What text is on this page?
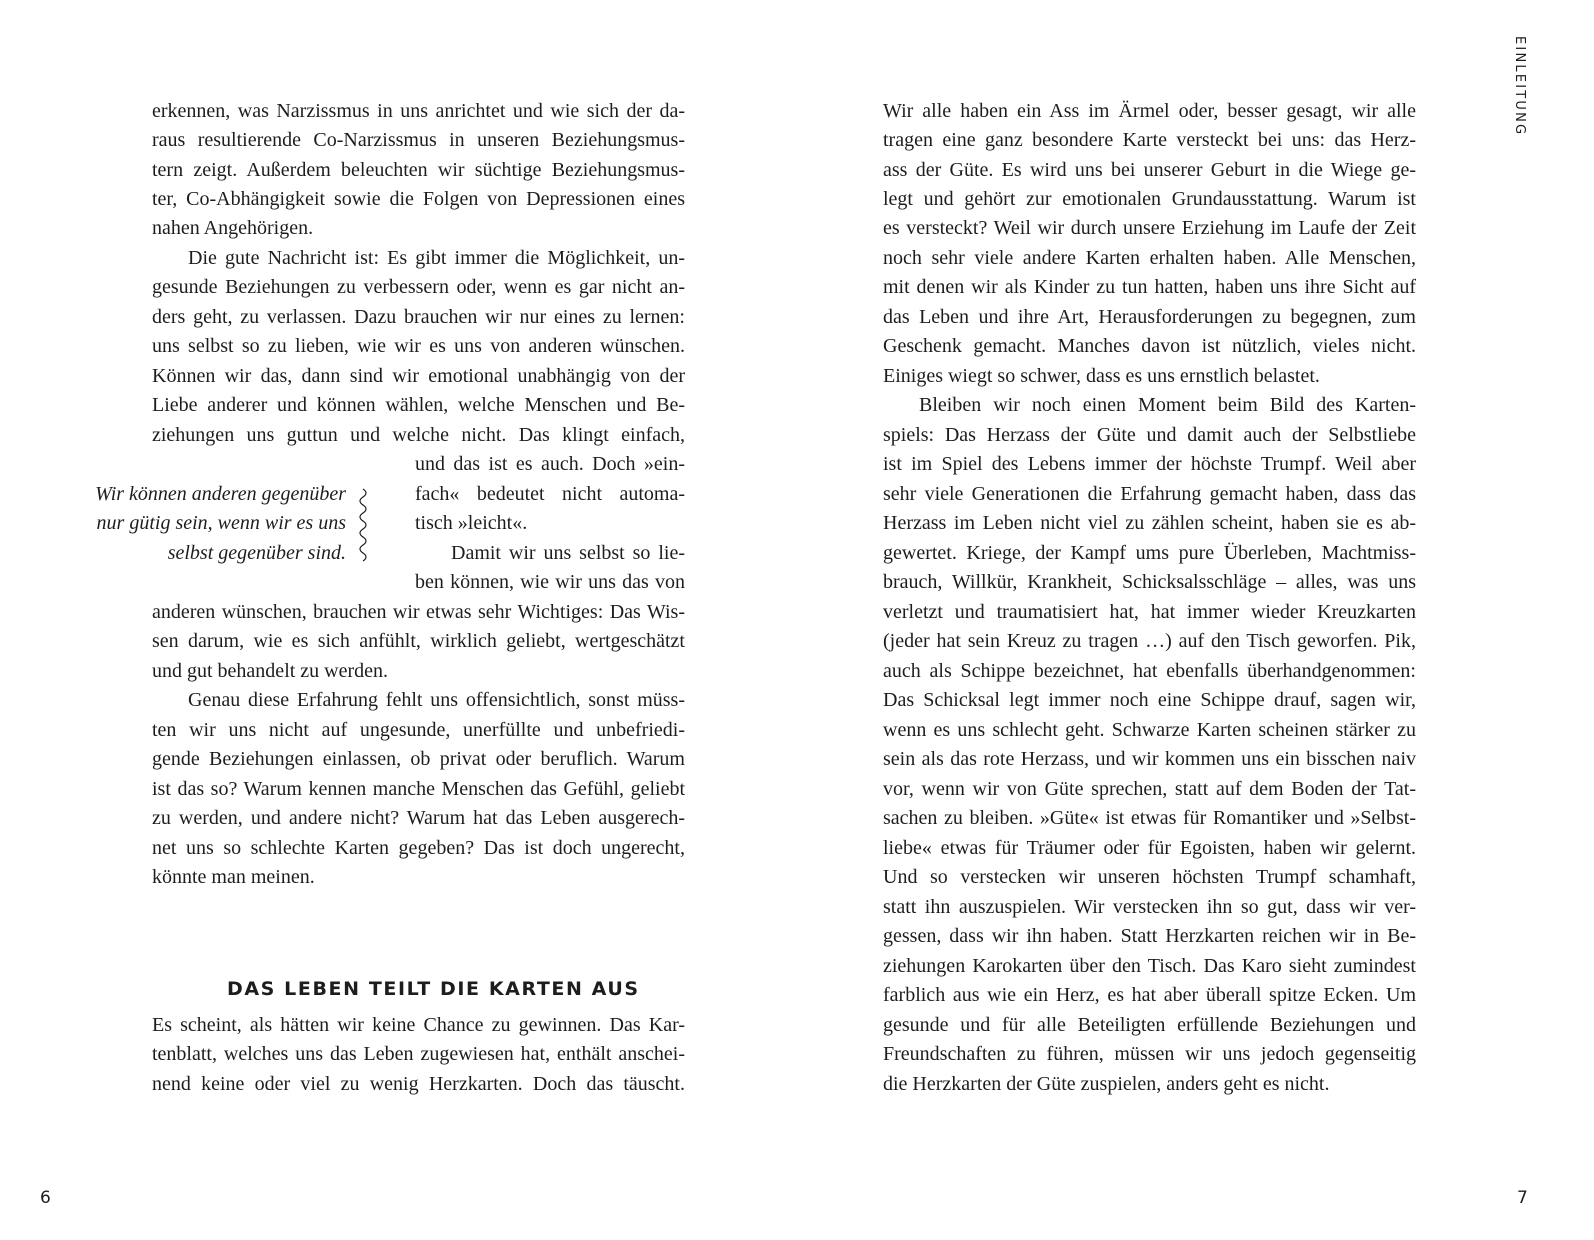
erkennen, was Narzissmus in uns anrichtet und wie sich der da-
raus resultierende Co-Narzissmus in unseren Beziehungsmus-
tern zeigt. Außerdem beleuchten wir süchtige Beziehungsmus-
ter, Co-Abhängigkeit sowie die Folgen von Depressionen eines
nahen Angehörigen.
Die gute Nachricht ist: Es gibt immer die Möglichkeit, un-
gesunde Beziehungen zu verbessern oder, wenn es gar nicht an-
ders geht, zu verlassen. Dazu brauchen wir nur eines zu lernen:
uns selbst so zu lieben, wie wir es uns von anderen wünschen.
Können wir das, dann sind wir emotional unabhängig von der
Liebe anderer und können wählen, welche Menschen und Be-
ziehungen uns guttun und welche nicht. Das klingt einfach,
und das ist es auch. Doch »ein-
fach« bedeutet nicht automa-
tisch »leicht«.
Wir können anderen gegenüber
nur gütig sein, wenn wir es uns
selbst gegenüber sind.	Damit wir uns selbst so lie-
ben können, wie wir uns das von
anderen wünschen, brauchen wir etwas sehr Wichtiges: Das Wis-
sen darum, wie es sich anfühlt, wirklich geliebt, wertgeschätzt
und gut behandelt zu werden.
Genau diese Erfahrung fehlt uns offensichtlich, sonst müss-
ten wir uns nicht auf ungesunde, unerfüllte und unbefriedi-
gende Beziehungen einlassen, ob privat oder beruflich. Warum
ist das so? Warum kennen manche Menschen das Gefühl, geliebt
zu werden, und andere nicht? Warum hat das Leben ausgerech-
net uns so schlechte Karten gegeben? Das ist doch ungerecht,
könnte man meinen.
DAS LEBEN TEILT DIE KARTEN AUS
Es scheint, als hätten wir keine Chance zu gewinnen. Das Kar-
tenblatt, welches uns das Leben zugewiesen hat, enthält anschei-
nend keine oder viel zu wenig Herzkarten. Doch das täuscht.
6
EINLEITUNG
Wir alle haben ein Ass im Ärmel oder, besser gesagt, wir alle
tragen eine ganz besondere Karte versteckt bei uns: das Herz-
ass der Güte. Es wird uns bei unserer Geburt in die Wiege ge-
legt und gehört zur emotionalen Grundausstattung. Warum ist
es versteckt? Weil wir durch unsere Erziehung im Laufe der Zeit
noch sehr viele andere Karten erhalten haben. Alle Menschen,
mit denen wir als Kinder zu tun hatten, haben uns ihre Sicht auf
das Leben und ihre Art, Herausforderungen zu begegnen, zum
Geschenk gemacht. Manches davon ist nützlich, vieles nicht.
Einiges wiegt so schwer, dass es uns ernstlich belastet.
Bleiben wir noch einen Moment beim Bild des Karten-
spiels: Das Herzass der Güte und damit auch der Selbstliebe
ist im Spiel des Lebens immer der höchste Trumpf. Weil aber
sehr viele Generationen die Erfahrung gemacht haben, dass das
Herzass im Leben nicht viel zu zählen scheint, haben sie es ab-
gewertet. Kriege, der Kampf ums pure Überleben, Machtmiss-
brauch, Willkür, Krankheit, Schicksalsschläge – alles, was uns
verletzt und traumatisiert hat, hat immer wieder Kreuzkarten
(jeder hat sein Kreuz zu tragen …) auf den Tisch geworfen. Pik,
auch als Schippe bezeichnet, hat ebenfalls überhandgenommen:
Das Schicksal legt immer noch eine Schippe drauf, sagen wir,
wenn es uns schlecht geht. Schwarze Karten scheinen stärker zu
sein als das rote Herzass, und wir kommen uns ein bisschen naiv
vor, wenn wir von Güte sprechen, statt auf dem Boden der Tat-
sachen zu bleiben. »Güte« ist etwas für Romantiker und »Selbst-
liebe« etwas für Träumer oder für Egoisten, haben wir gelernt.
Und so verstecken wir unseren höchsten Trumpf schamhaft,
statt ihn auszuspielen. Wir verstecken ihn so gut, dass wir ver-
gessen, dass wir ihn haben. Statt Herzkarten reichen wir in Be-
ziehungen Karokarten über den Tisch. Das Karo sieht zumindest
farblich aus wie ein Herz, es hat aber überall spitze Ecken. Um
gesunde und für alle Beteiligten erfüllende Beziehungen und
Freundschaften zu führen, müssen wir uns jedoch gegenseitig
die Herzkarten der Güte zuspielen, anders geht es nicht.
7
